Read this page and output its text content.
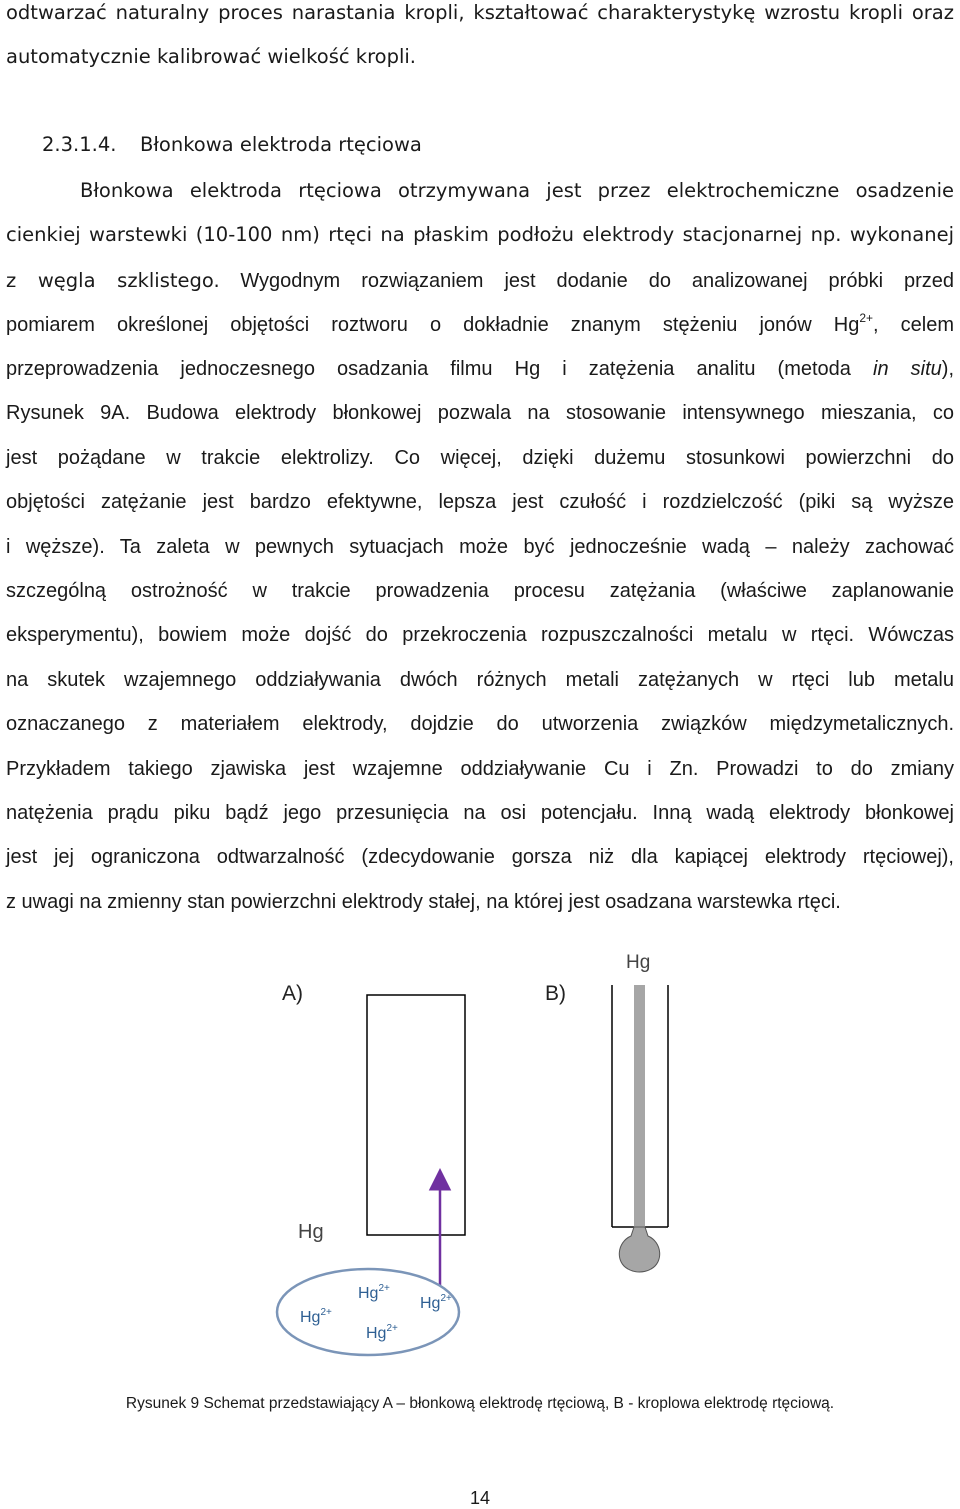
odtwarzać naturalny proces narastania kropli, kształtować charakterystykę wzrostu kropli oraz
automatycznie kalibrować wielkość kropli.
2.3.1.4. Błonkowa elektroda rtęciowa
Błonkowa elektroda rtęciowa otrzymywana jest przez elektrochemiczne osadzenie
cienkiej warstewki (10-100 nm) rtęci na płaskim podłożu elektrody stacjonarnej np. wykonanej
z węgla szklistego. Wygodnym rozwiązaniem jest dodanie do analizowanej próbki przed
pomiarem określonej objętości roztworu o dokładnie znanym stężeniu jonów $Hg^{2+}$, celem
przeprowadzenia jednoczesnego osadzania filmu Hg i zatężenia analitu (metoda in situ),
Rysunek 9A. Budowa elektrody błonkowej pozwala na stosowanie intensywnego mieszania, co
jest pożądane w trakcie elektrolizy. Co więcej, dzięki dużemu stosunkowi powierzchni do
objętości zatężanie jest bardzo efektywne, lepsza jest czułość i rozdzielczość (piki są wyższe
i węższe). Ta zaleta w pewnych sytuacjach może być jednocześnie wadą – należy zachować
szczególną ostrożność w trakcie prowadzenia procesu zatężania (właściwe zaplanowanie
eksperymentu), bowiem może dojść do przekroczenia rozpuszczalności metalu w rtęci. Wówczas
na skutek wzajemnego oddziaływania dwóch różnych metali zatężanych w rtęci lub metalu
oznaczanego z materiałem elektrody, dojdzie do utworzenia związków międzymetalicznych.
Przykładem takiego zjawiska jest wzajemne oddziaływanie Cu i Zn. Prowadzi to do zmiany
natężenia prądu piku bądź jego przesunięcia na osi potencjału. Inną wadą elektrody błonkowej
jest jej ograniczona odtwarzalność (zdecydowanie gorsza niż dla kapiącej elektrody rtęciowej),
z uwagi na zmienny stan powierzchni elektrody stałej, na której jest osadzana warstewka rtęci.
A)
Hg
$Hg^{2+}$
$Hg^{2+}$
$Hg^{2+}$
$Hg^{2+}$
B)
Hg
Rysunek 9 Schemat przedstawiający A – błonkową elektrodę rtęciową, B - kroplowa elektrodę rtęciową.
14
